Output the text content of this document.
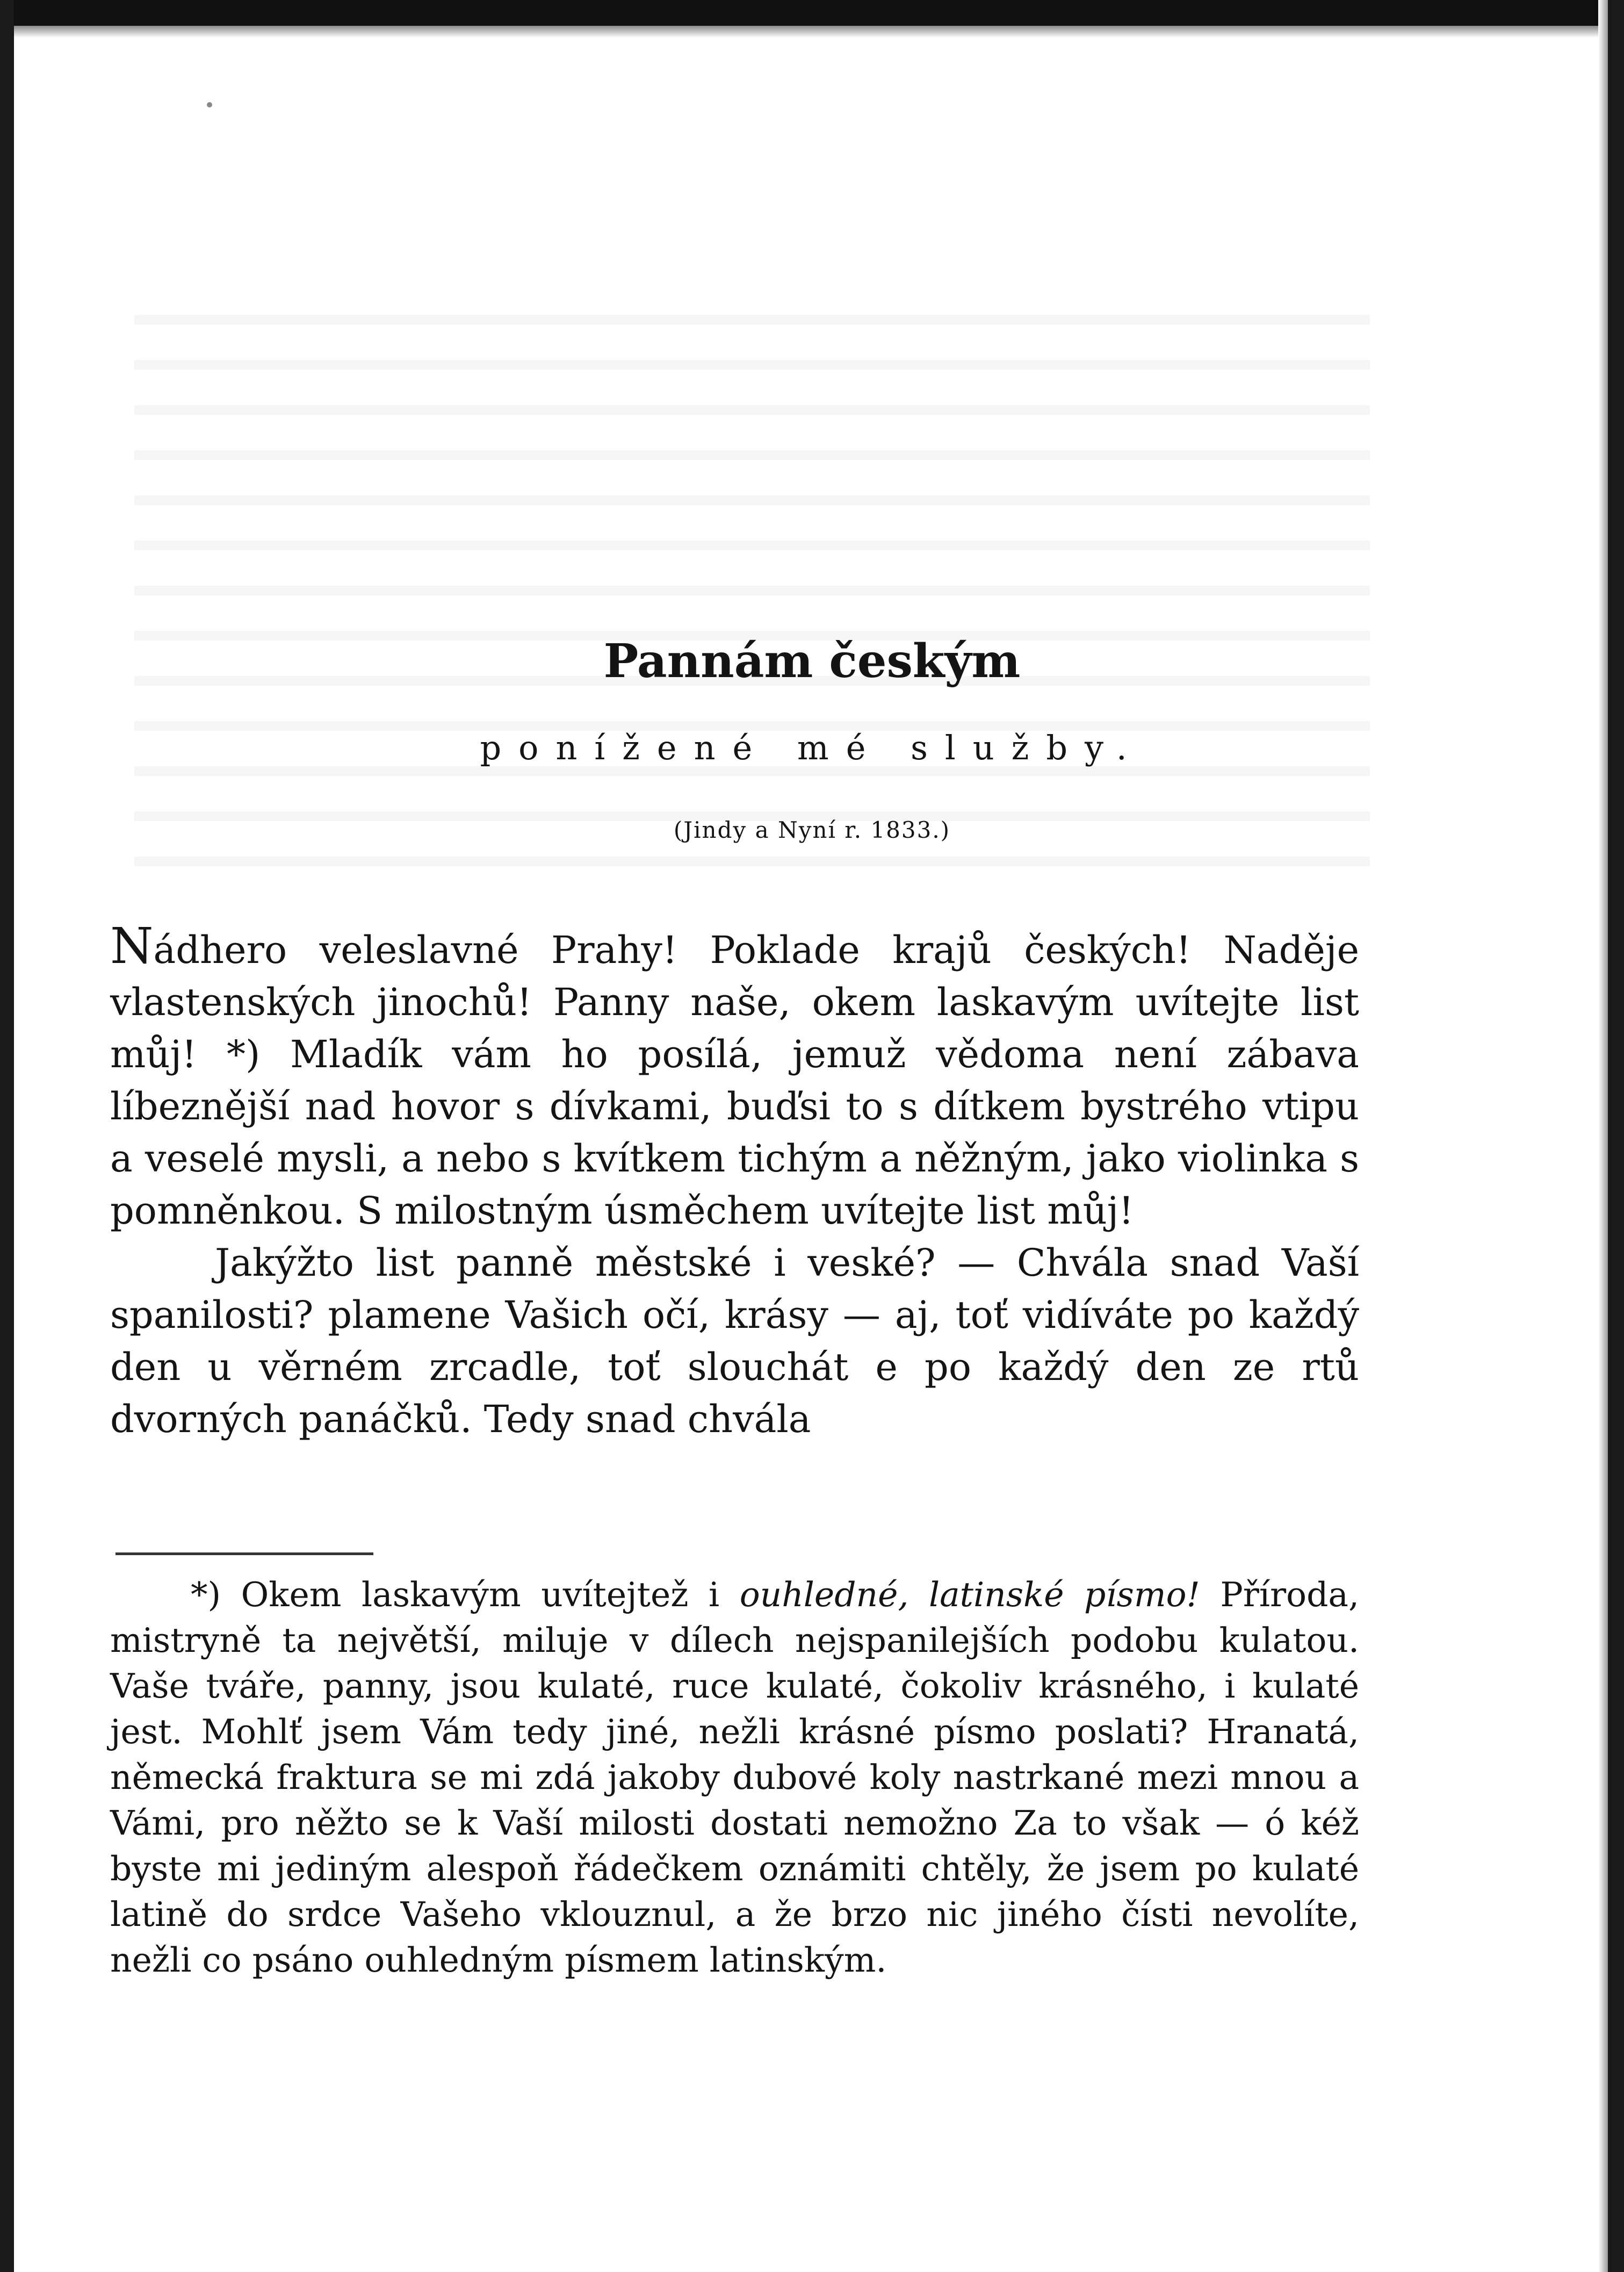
Pannám českým
ponížené mé služby.
(Jindy a Nyní r. 1833.)

Nádhero veleslavné Prahy! Poklade krajů českých! Naděje vlastenských jinochů! Panny naše, okem laskavým uvítejte list můj! *) Mladík vám ho posílá, jemuž vědoma není zábava líbeznější nad hovor s dívkami, buďsi to s dítkem bystrého vtipu a veselé mysli, a nebo s kvítkem tichým a něžným, jako violinka s pomněnkou. S milostným úsměchem uvítejte list můj!

Jakýžto list panně městské i veské? — Chvála snad Vaší spanilosti? plamene Vašich očí, krásy — aj, toť vidíváte po každý den u věrném zrcadle, toť slouchát e po každý den ze rtů dvorných panáčků. Tedy snad chvála

*) Okem laskavým uvítejtež i ouhledné, latinské písmo! Příroda, mistryně ta největší, miluje v dílech nejspanilejších podobu kulatou. Vaše tváře, panny, jsou kulaté, ruce kulaté, čokoliv krásného, i kulaté jest. Mohlť jsem Vám tedy jiné, nežli krásné písmo poslati? Hranatá, německá fraktura se mi zdá jakoby dubové koly nastrkané mezi mnou a Vámi, pro něžto se k Vaší milosti dostati nemožno Za to však — ó kéž byste mi jediným alespoň řádečkem oznámiti chtěly, že jsem po kulaté latině do srdce Vašeho vklouznul, a že brzo nic jiného čísti nevolíte, nežli co psáno ouhledným písmem latinským.
